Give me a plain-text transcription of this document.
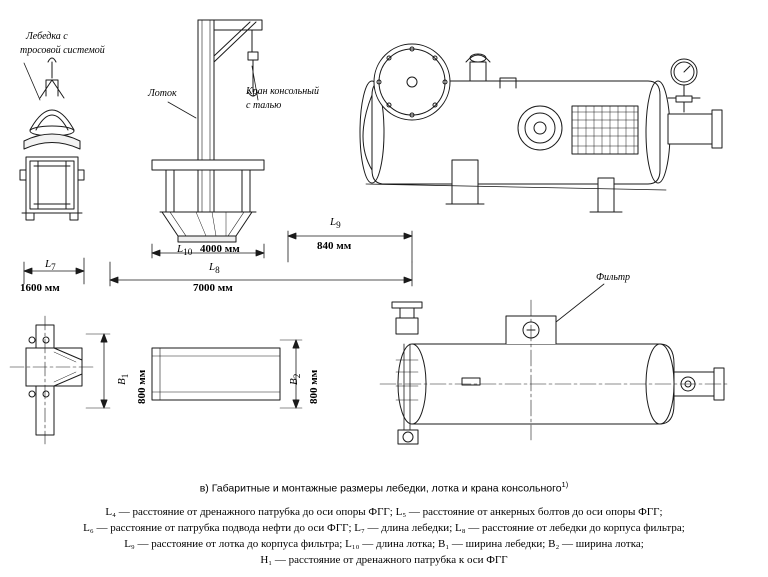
Лебедка с
тросовой системой
Лоток	Кран консольный
с талью
Фильтр
$L_9$
840 мм
$L_{10}$ 4000 мм
$L_7$
1600 мм
$L_8$
7000 мм
$B_1$ 800 мм	$B_2$ 800 мм
в) Габаритные и монтажные размеры лебедки, лотка и крана консольного$^{1)}$
L₄ — расстояние от дренажного патрубка до оси опоры ФГГ; L₅ — расстояние от анкерных болтов до оси опоры ФГГ;
L₆ — расстояние от патрубка подвода нефти до оси ФГГ; L₇ — длина лебедки; L₈ — расстояние от лебедки до корпуса фильтра;
L₉ — расстояние от лотка до корпуса фильтра; L₁₀ — длина лотка; B₁ — ширина лебедки; B₂ — ширина лотка;
H₁ — расстояние от дренажного патрубка к оси ФГГ
